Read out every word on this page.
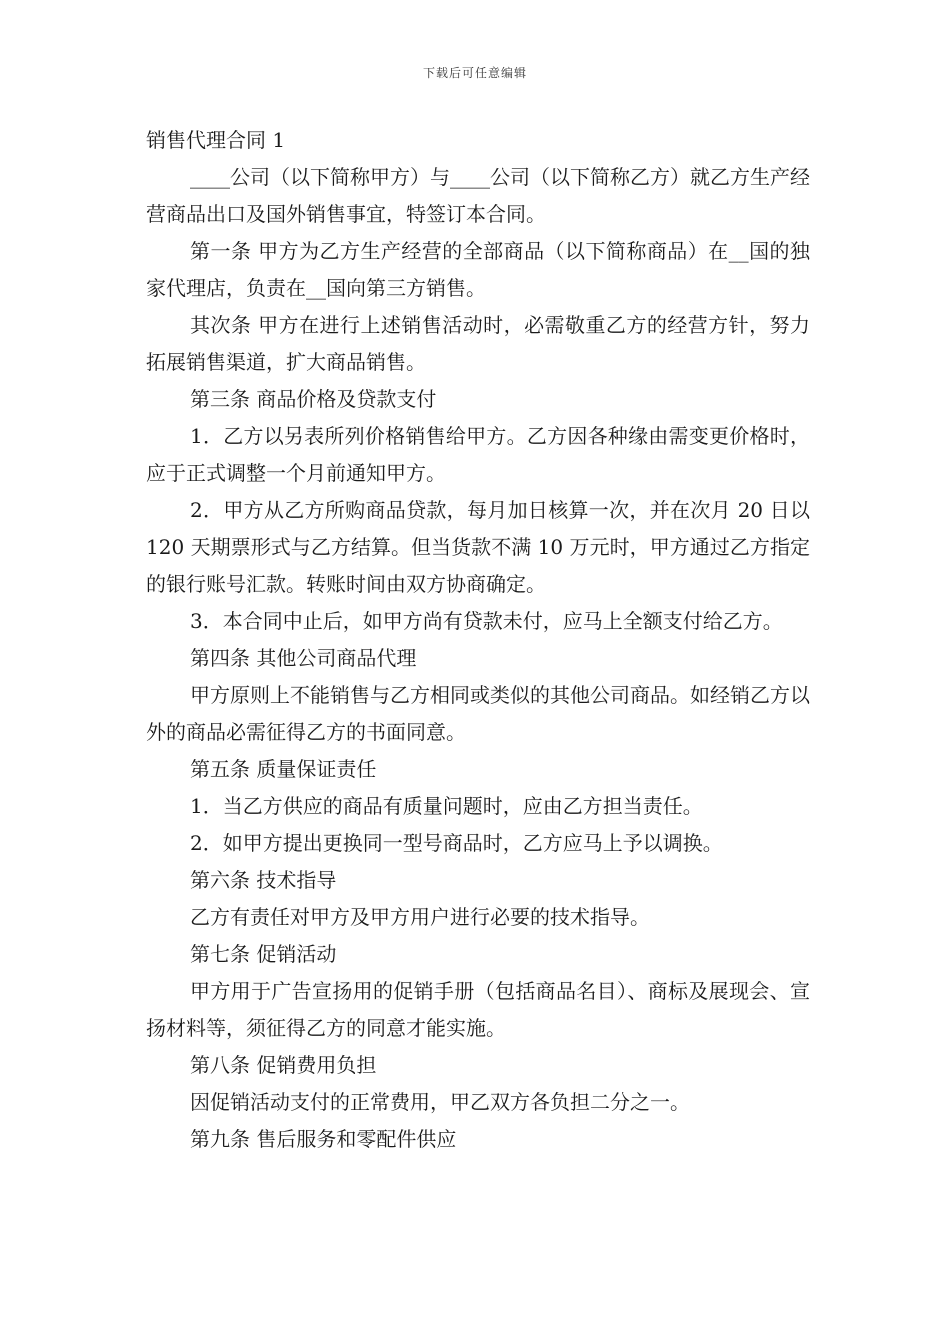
下载后可任意编辑

销售代理合同 1

____公司（以下简称甲方）与____公司（以下简称乙方）就乙方生产经营商品出口及国外销售事宜，特签订本合同。

第一条 甲方为乙方生产经营的全部商品（以下简称商品）在__国的独家代理店，负责在__国向第三方销售。

其次条 甲方在进行上述销售活动时，必需敬重乙方的经营方针，努力拓展销售渠道，扩大商品销售。

第三条 商品价格及贷款支付

1．乙方以另表所列价格销售给甲方。乙方因各种缘由需变更价格时，应于正式调整一个月前通知甲方。

2．甲方从乙方所购商品贷款，每月加日核算一次，并在次月 20 日以 120 天期票形式与乙方结算。但当货款不满 10 万元时，甲方通过乙方指定的银行账号汇款。转账时间由双方协商确定。

3．本合同中止后，如甲方尚有贷款未付，应马上全额支付给乙方。

第四条 其他公司商品代理

甲方原则上不能销售与乙方相同或类似的其他公司商品。如经销乙方以外的商品必需征得乙方的书面同意。

第五条 质量保证责任

1．当乙方供应的商品有质量问题时，应由乙方担当责任。

2．如甲方提出更换同一型号商品时，乙方应马上予以调换。

第六条 技术指导

乙方有责任对甲方及甲方用户进行必要的技术指导。

第七条 促销活动

甲方用于广告宣扬用的促销手册（包括商品名目）、商标及展现会、宣扬材料等，须征得乙方的同意才能实施。

第八条 促销费用负担

因促销活动支付的正常费用，甲乙双方各负担二分之一。

第九条 售后服务和零配件供应
